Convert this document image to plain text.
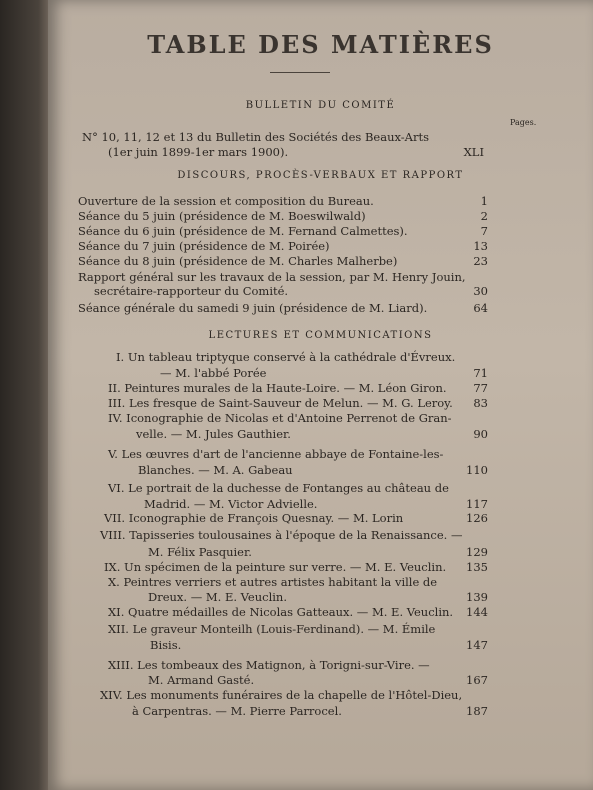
TABLE DES MATIÈRES
BULLETIN DU COMITÉ
Pages.
N° 10, 11, 12 et 13 du Bulletin des Sociétés des Beaux-Arts
(1er juin 1899-1er mars 1900).	XLI
DISCOURS, PROCÈS-VERBAUX ET RAPPORT
Ouverture de la session et composition du Bureau.	1
Séance du 5 juin (présidence de M. Boeswilwald)	2
Séance du 6 juin (présidence de M. Fernand Calmettes).	7
Séance du 7 juin (présidence de M. Poirée)	13
Séance du 8 juin (présidence de M. Charles Malherbe)	23
Rapport général sur les travaux de la session, par M. Henry Jouin,
secrétaire-rapporteur du Comité.	30
Séance générale du samedi 9 juin (présidence de M. Liard).	64
LECTURES ET COMMUNICATIONS
I. Un tableau triptyque conservé à la cathédrale d'Évreux.
— M. l'abbé Porée	71
II. Peintures murales de la Haute-Loire. — M. Léon Giron.	77
III. Les fresque de Saint-Sauveur de Melun. — M. G. Leroy.	83
IV. Iconographie de Nicolas et d'Antoine Perrenot de Gran-
velle. — M. Jules Gauthier.	90
V. Les œuvres d'art de l'ancienne abbaye de Fontaine-les-
Blanches. — M. A. Gabeau	110
VI. Le portrait de la duchesse de Fontanges au château de
Madrid. — M. Victor Advielle.	117
VII. Iconographie de François Quesnay. — M. Lorin	126
VIII. Tapisseries toulousaines à l'époque de la Renaissance. —
M. Félix Pasquier.	129
IX. Un spécimen de la peinture sur verre. — M. E. Veuclin.	135
X. Peintres verriers et autres artistes habitant la ville de
Dreux. — M. E. Veuclin.	139
XI. Quatre médailles de Nicolas Gatteaux. — M. E. Veuclin.	144
XII. Le graveur Monteilh (Louis-Ferdinand). — M. Émile
Bisis.	147
XIII. Les tombeaux des Matignon, à Torigni-sur-Vire. —
M. Armand Gasté.	167
XIV. Les monuments funéraires de la chapelle de l'Hôtel-Dieu,
à Carpentras. — M. Pierre Parrocel.	187
